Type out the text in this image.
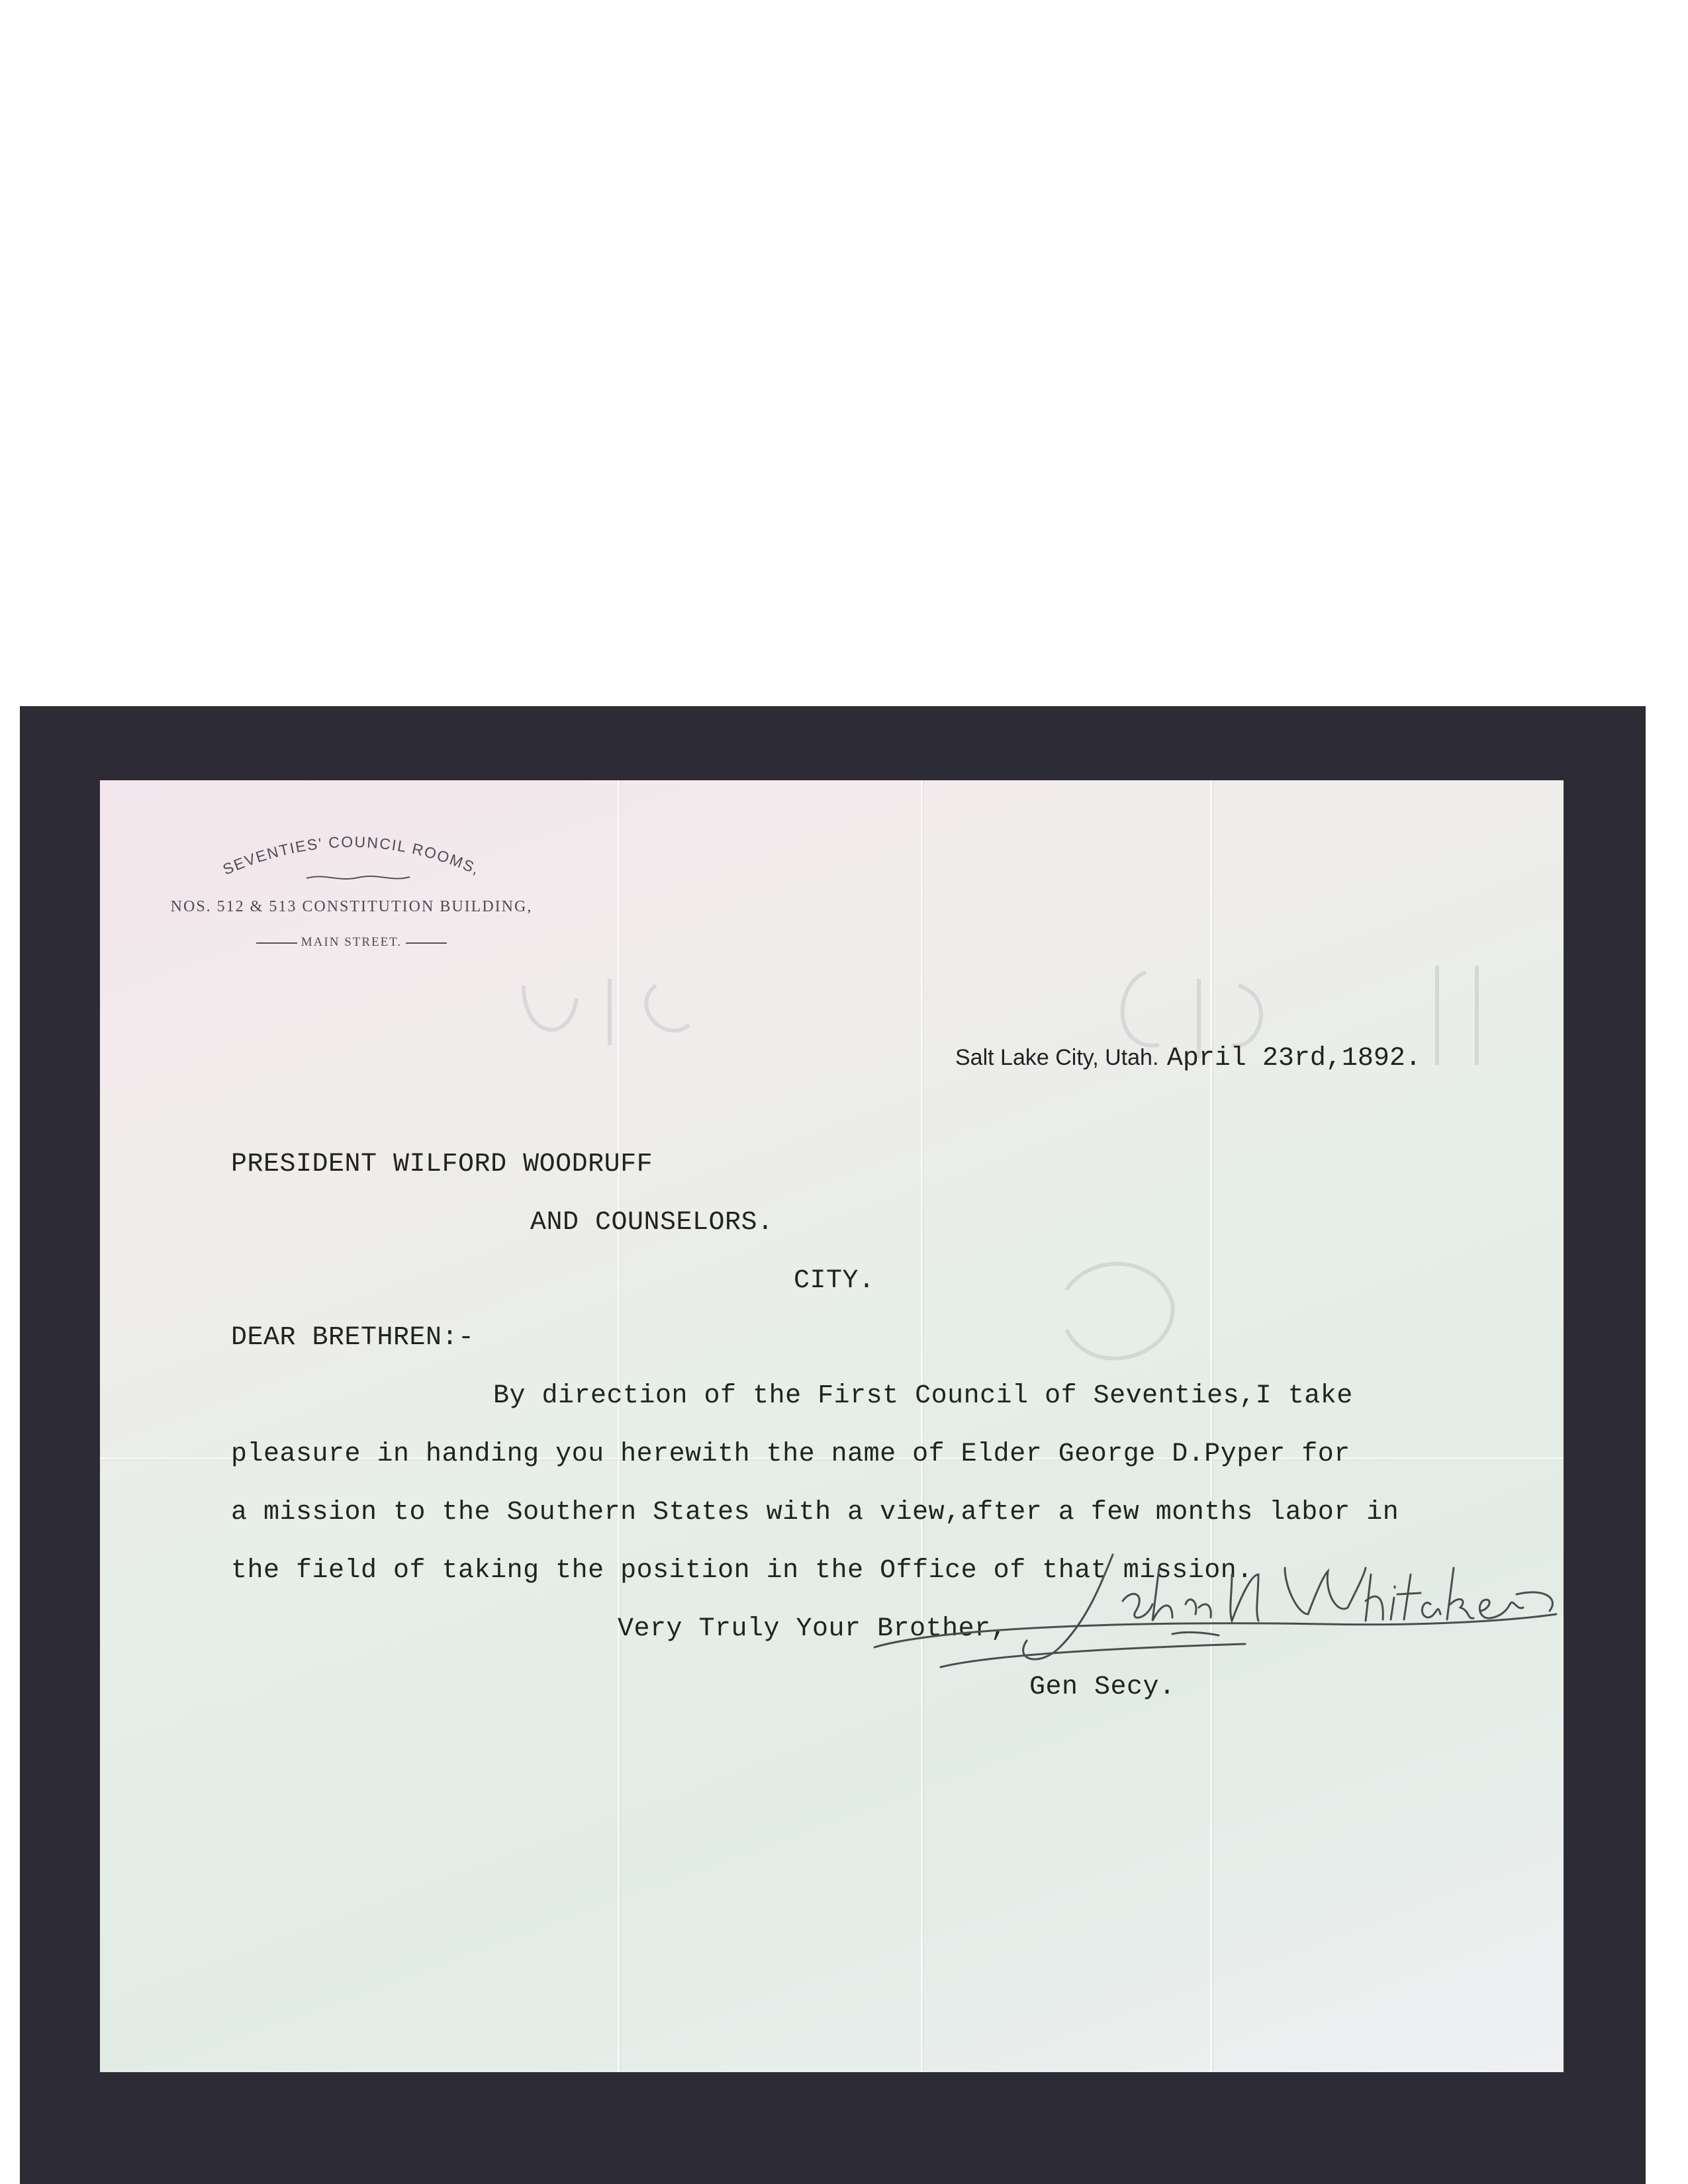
SEVENTIES' COUNCIL ROOMS,
NOS. 512 & 513 CONSTITUTION BUILDING,
MAIN STREET.
Salt Lake City, Utah. April 23rd,1892.
PRESIDENT WILFORD WOODRUFF
AND COUNSELORS.
CITY.
DEAR BRETHREN:-
By direction of the First Council of Seventies,I take
pleasure in handing you herewith the name of Elder George D.Pyper for
a mission to the Southern States with a view,after a few months labor in
the field of taking the position in the Office of that mission.
Very Truly Your Brother,
Gen Secy.
